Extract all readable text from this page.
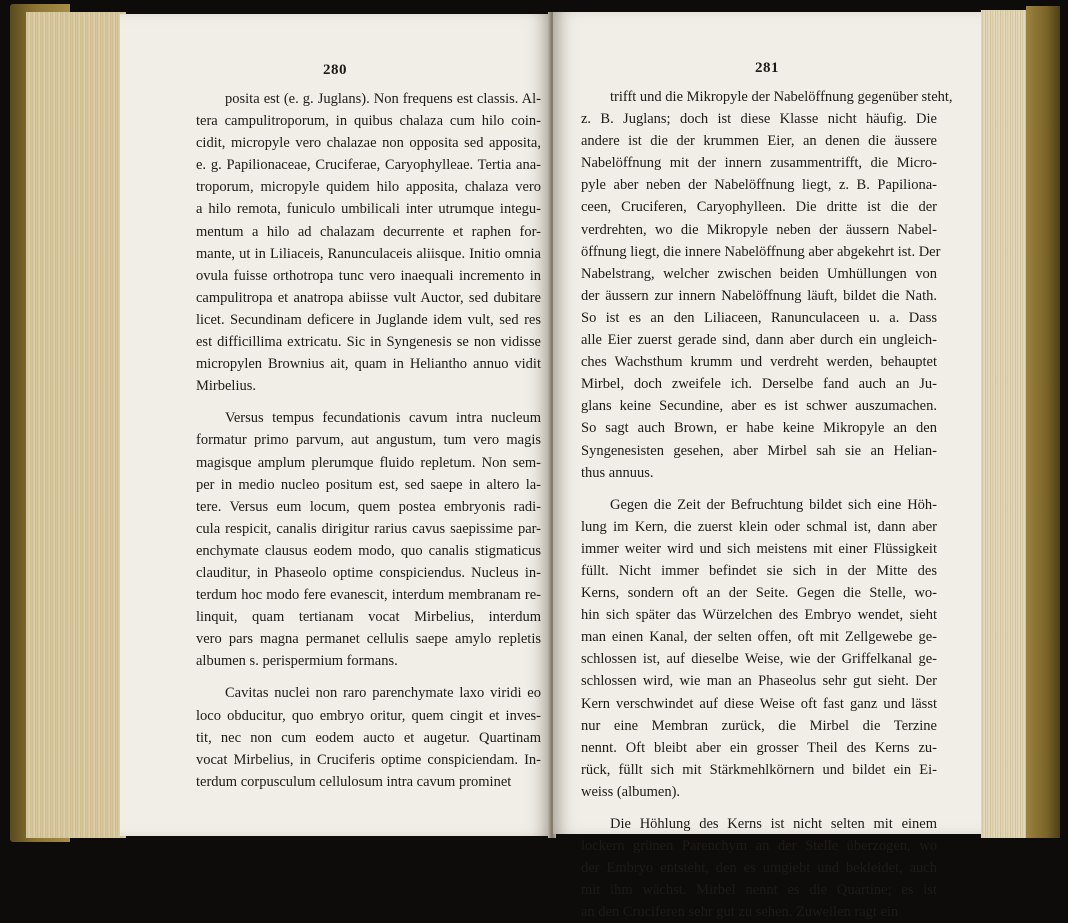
280
posita est (e. g. Juglans). Non frequens est classis. Al-
tera campulitroporum, in quibus chalaza cum hilo coin-
cidit, micropyle vero chalazae non opposita sed apposita,
e. g. Papilionaceae, Cruciferae, Caryophylleae. Tertia ana-
troporum, micropyle quidem hilo apposita, chalaza vero
a hilo remota, funiculo umbilicali inter utrumque integu-
mentum a hilo ad chalazam decurrente et raphen for-
mante, ut in Liliaceis, Ranunculaceis aliisque. Initio omnia
ovula fuisse orthotropa tunc vero inaequali incremento in
campulitropa et anatropa abiisse vult Auctor, sed dubitare
licet. Secundinam deficere in Juglande idem vult, sed res
est difficillima extricatu. Sic in Syngenesis se non vidisse
micropylen Brownius ait, quam in Heliantho annuo vidit
Mirbelius.
Versus tempus fecundationis cavum intra nucleum
formatur primo parvum, aut angustum, tum vero magis
magisque amplum plerumque fluido repletum. Non sem-
per in medio nucleo positum est, sed saepe in altero la-
tere. Versus eum locum, quem postea embryonis radi-
cula respicit, canalis dirigitur rarius cavus saepissime par-
enchymate clausus eodem modo, quo canalis stigmaticus
clauditur, in Phaseolo optime conspiciendus. Nucleus in-
terdum hoc modo fere evanescit, interdum membranam re-
linquit, quam tertianam vocat Mirbelius, interdum
vero pars magna permanet cellulis saepe amylo repletis
albumen s. perispermium formans.
Cavitas nuclei non raro parenchymate laxo viridi eo
loco obducitur, quo embryo oritur, quem cingit et inves-
tit, nec non cum eodem aucto et augetur. Quartinam
vocat Mirbelius, in Cruciferis optime conspiciendam. In-
terdum corpusculum cellulosum intra cavum prominet
281
trifft und die Mikropyle der Nabelöffnung gegenüber steht,
z. B. Juglans; doch ist diese Klasse nicht häufig. Die
andere ist die der krummen Eier, an denen die äussere
Nabelöffnung mit der innern zusammentrifft, die Micro-
pyle aber neben der Nabelöffnung liegt, z. B. Papiliona-
ceen, Cruciferen, Caryophylleen. Die dritte ist die der
verdrehten, wo die Mikropyle neben der äussern Nabel-
öffnung liegt, die innere Nabelöffnung aber abgekehrt ist. Der
Nabelstrang, welcher zwischen beiden Umhüllungen von
der äussern zur innern Nabelöffnung läuft, bildet die Nath.
So ist es an den Liliaceen, Ranunculaceen u. a. Dass
alle Eier zuerst gerade sind, dann aber durch ein ungleich-
ches Wachsthum krumm und verdreht werden, behauptet
Mirbel, doch zweifele ich. Derselbe fand auch an Ju-
glans keine Secundine, aber es ist schwer auszumachen.
So sagt auch Brown, er habe keine Mikropyle an den
Syngenesisten gesehen, aber Mirbel sah sie an Helian-
thus annuus.
Gegen die Zeit der Befruchtung bildet sich eine Höh-
lung im Kern, die zuerst klein oder schmal ist, dann aber
immer weiter wird und sich meistens mit einer Flüssigkeit
füllt. Nicht immer befindet sie sich in der Mitte des
Kerns, sondern oft an der Seite. Gegen die Stelle, wo-
hin sich später das Würzelchen des Embryo wendet, sieht
man einen Kanal, der selten offen, oft mit Zellgewebe ge-
schlossen ist, auf dieselbe Weise, wie der Griffelkanal ge-
schlossen wird, wie man an Phaseolus sehr gut sieht. Der
Kern verschwindet auf diese Weise oft fast ganz und lässt
nur eine Membran zurück, die Mirbel die Terzine
nennt. Oft bleibt aber ein grosser Theil des Kerns zu-
rück, füllt sich mit Stärkmehlkörnern und bildet ein Ei-
weiss (albumen).
Die Höhlung des Kerns ist nicht selten mit einem
lockern grünen Parenchym an der Stelle überzogen, wo
der Embryo entsteht, den es umgiebt und bekleidet, auch
mit ihm wächst. Mirbel nennt es die Quartine; es ist
an den Cruciferen sehr gut zu sehen. Zuweilen ragt ein
